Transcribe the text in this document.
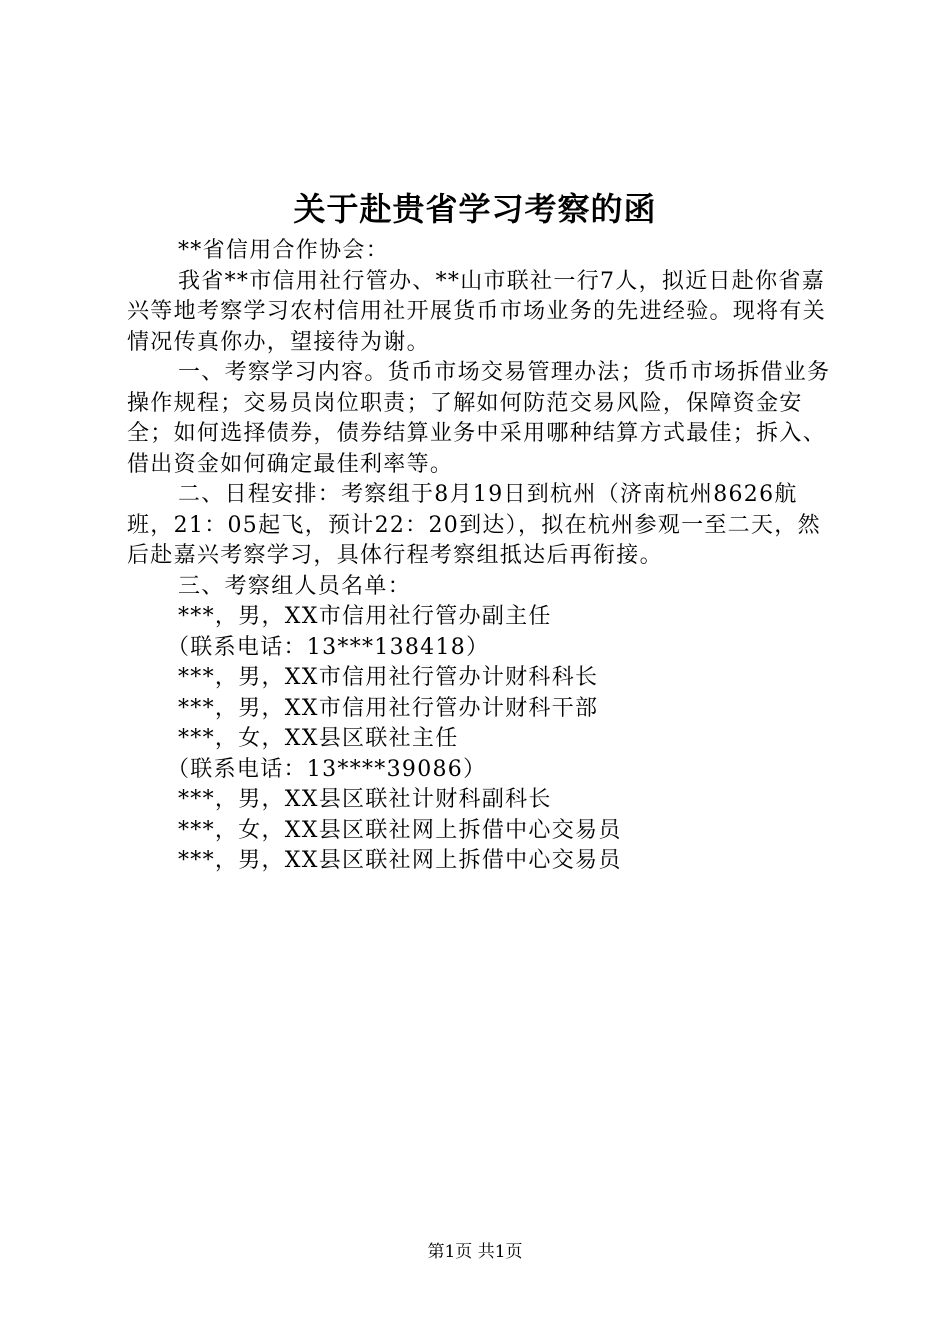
关于赴贵省学习考察的函

**省信用合作协会：

我省**市信用社行管办、**山市联社一行7人，拟近日赴你省嘉兴等地考察学习农村信用社开展货币市场业务的先进经验。现将有关情况传真你办，望接待为谢。

一、考察学习内容。货币市场交易管理办法；货币市场拆借业务操作规程；交易员岗位职责；了解如何防范交易风险，保障资金安全；如何选择债券，债券结算业务中采用哪种结算方式最佳；拆入、借出资金如何确定最佳利率等。

二、日程安排：考察组于8月19日到杭州（济南杭州8626航班，21：05起飞，预计22：20到达），拟在杭州参观一至二天，然后赴嘉兴考察学习，具体行程考察组抵达后再衔接。

三、考察组人员名单：

***，男，XX市信用社行管办副主任

（联系电话：13***138418）

***，男，XX市信用社行管办计财科科长

***，男，XX市信用社行管办计财科干部

***，女，XX县区联社主任

（联系电话：13****39086）

***，男，XX县区联社计财科副科长

***，女，XX县区联社网上拆借中心交易员

***，男，XX县区联社网上拆借中心交易员

第1页 共1页
